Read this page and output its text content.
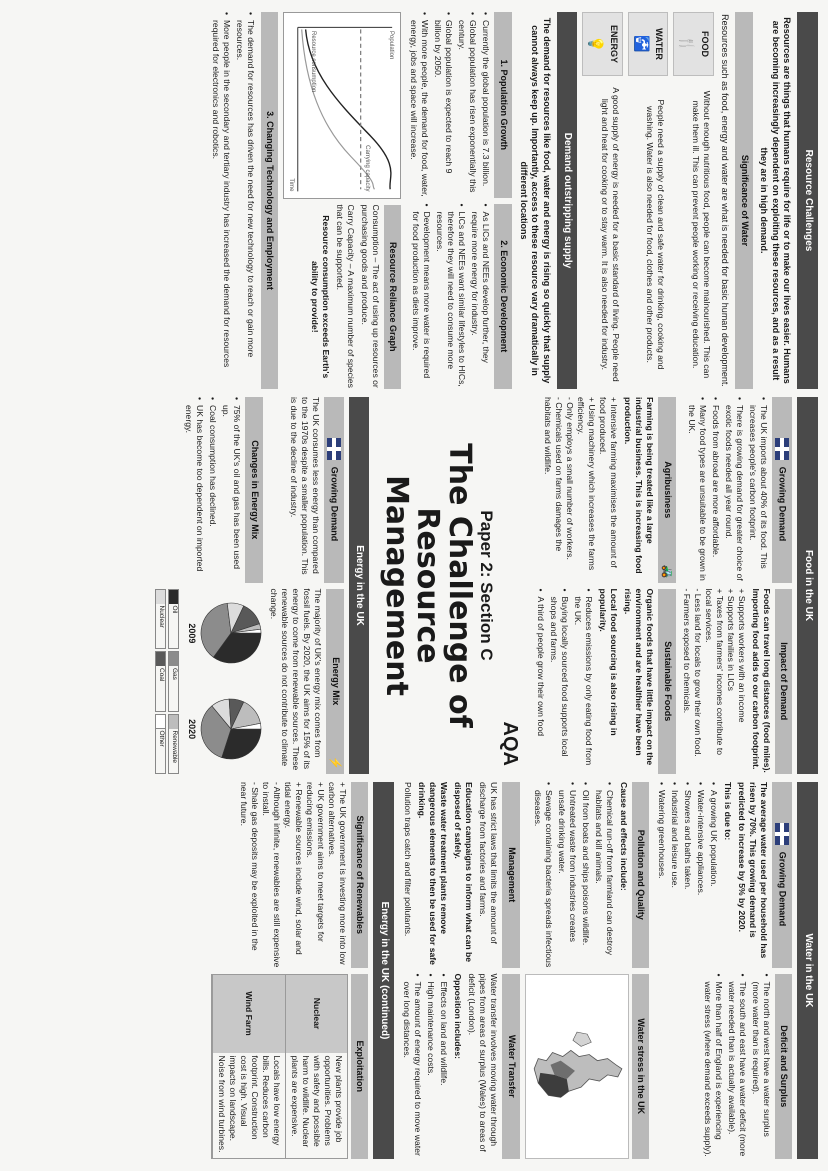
Resource Challenges

Resources are things that humans require for life or to make our lives easier. Humans are becoming increasingly dependent on exploiting these resources, and as a result they are in high demand.

Significance of Water

Resources such as food, energy and water are what is needed for basic human development.

FOOD
🍴

Without enough nutritious food, people can become malnourished. This can make them ill. This can prevent people working or receiving education.

WATER
🚰

People need a supply of clean and safe water for drinking, cooking and washing. Water is also needed for food, clothes and other products.

ENERGY
💡

A good supply of energy is needed for a basic standard of living. People need light and heat for cooking or to stay warm. It is also needed for industry.

Demand outstripping supply

The demand for resources like food, water and energy is rising so quickly that supply cannot always keep up. Importantly, access to these resource vary dramatically in different locations

1. Population Growth
• Currently the global population is 7.3 billion.
• Global population has risen exponentially this century.
• Global population is expected to reach 9 billion by 2050.
• With more people, the demand for food, water, energy, jobs and space will increase.
2. Economic Development
• As LICs and NEEs develop further, they require more energy for industry.
• LICs and NEEs want similar lifestyles to HICs, therefore they will need to consume more resources.
• Development means more water is required for food production as diets improve.
Population
Carrying capacity
Resource consumption
Time
Resource Reliance Graph

Consumption – The act of using up resources or purchasing goods and produce.

Carry Capacity – A maximum number of species that can be supported.

Resource consumption exceeds Earth's ability to provide!

3. Changing Technology and Employment
• The demand for resources has driven the need for new technology to reach or gain more resources.
• More people in the secondary and tertiary industry has increased the demand for resources required for electronics and robotics.
Food in the UK
Growing Demand
• The UK imports about 40% of its food. This increases people's carbon footprint.
• There is growing demand for greater choice of exotic foods needed all year round.
• Foods from abroad are more affordable.
• Many food types are unsuitable to be grown in the UK.
Impact of Demand

Foods can travel long distances (food miles). Importing food adds to our carbon footprint.

+ Supports workers with an income

+ Supports families in LICs

+ Taxes from farmers' incomes contribute to local services.

- Less land for locals to grow their own food.

- Farmers exposed to chemicals.

Agribusiness
🚜

Farming is being treated like a large industrial business. This is increasing food production.

+ Intensive farming maximises the amount of food produced.

+ Using machinery which increases the farms efficiency.

- Only employs a small number of workers.

- Chemicals used on farms damages the habitats and wildlife.

Sustainable Foods

Organic foods that have little impact on the environment and are healthier have been rising.

Local food sourcing is also rising in popularity.

• Reduces emissions by only eating food from the UK.
• Buying locally sourced food supports local shops and farms.
• A third of people grow their own food
AQA
Paper 2: Section C
The Challenge of
Resource Management
Energy in the UK
Growing Demand

The UK consumes less energy than compared to the 1970s despite a smaller population. This is due to the decline of industry.

Energy Mix
⚡

The majority of UK's energy mix comes from fossil fuels. By 2020, the UK aims for 15% of its energy to come from renewable sources. These renewable sources do not contribute to climate change.

Changes in Energy Mix
• 75% of the UK's oil and gas has been used up.
• Coal consumption has declined.
• UK has become too dependent on imported energy.
2009
2020
Oil
Gas
Renewable
Nuclear
Coal
Other
Water in the UK
Growing Demand

The average water used per household has risen by 70%. This growing demand is predicted to increase by 5% by 2020.

This is due to:

• A growing UK population.
• Water-intensive appliances.
• Showers and baths taken.
• Industrial and leisure use.
• Watering greenhouses.
Deficit and Surplus
• The north and west have a water surplus (more water than is required).
• The south and east have a water deficit (more water needed than is actually available).
• More than half of England is experiencing water stress (where demand exceeds supply).
Pollution and Quality

Cause and effects include:

• Chemical run-off from farmland can destroy habitats and kill animals.
• Oil from boats and ships poisons wildlife.
• Untreated waste from industries creates unsafe drinking water.
• Sewage containing bacteria spreads infectious diseases.
Water stress in the UK
Management

UK has strict laws that limits the amount of discharge from factories and farms.

Education campaigns to inform what can be disposed of safely.

Waste water treatment plants remove dangerous elements to then be used for safe drinking.

Pollution traps catch and filter pollutants.

Water Transfer

Water transfer involves moving water through pipes from areas of surplus (Wales) to areas of deficit (London).

Opposition includes:

• Effects on land and wildlife.
• High maintenance costs.
• The amount of energy required to move water over long distances.
Energy in the UK (continued)
Significance of Renewables

+ The UK government is investing more into low carbon alternatives.

+ UK government aims to meet targets for reducing emissions.

+ Renewable sources include wind, solar and tidal energy.

- Although infinite, renewables are still expensive to install.

- Shale gas deposits may be exploited in the near future.

Exploitation
Nuclear
New plants provide job opportunities. Problems with safety and possible harm to wildlife. Nuclear plants are expensive.
Wind Farm
Locals have low energy bills. Reduces carbon footprint. Construction cost is high. Visual impacts on landscape. Noise from wind turbines.
